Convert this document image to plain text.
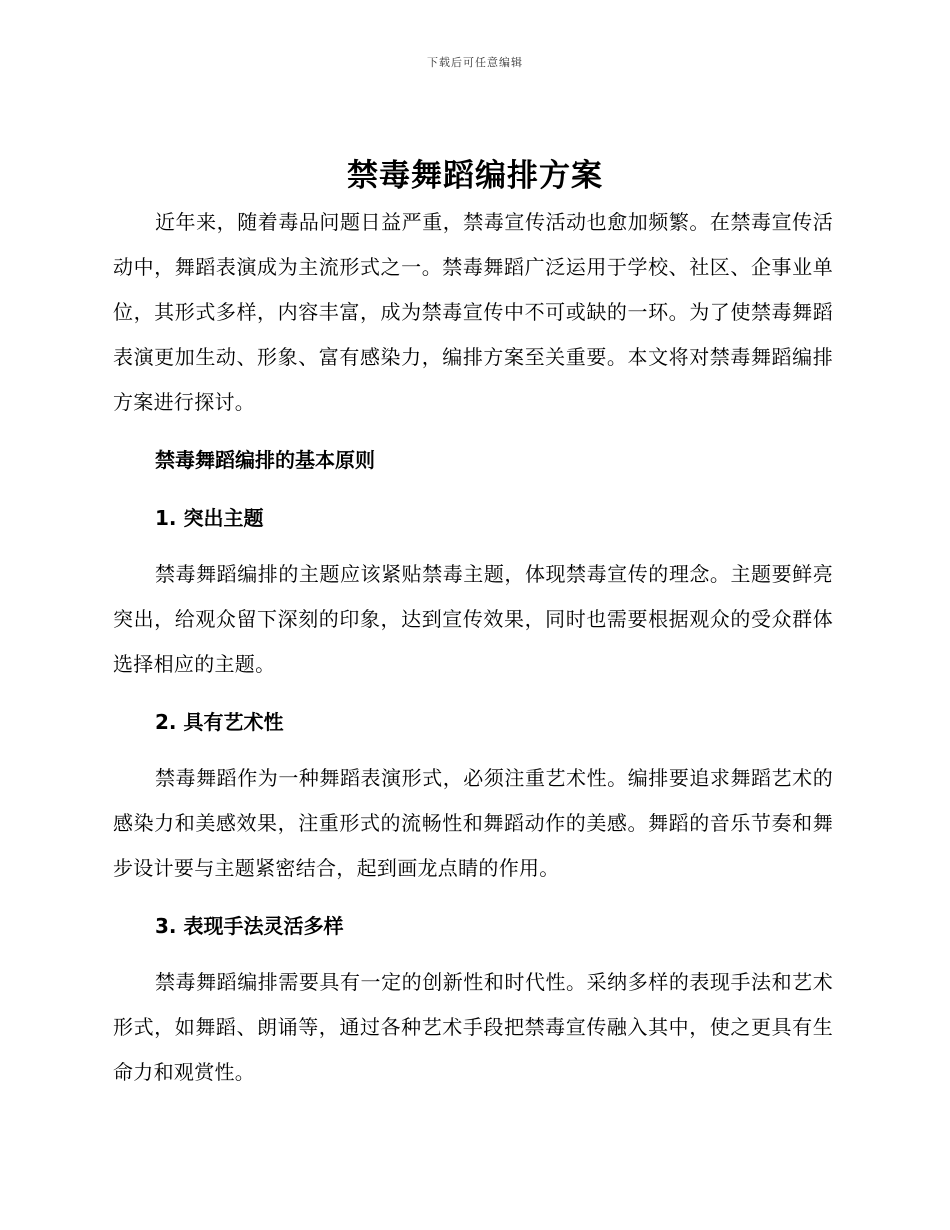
下载后可任意编辑
禁毒舞蹈编排方案

近年来，随着毒品问题日益严重，禁毒宣传活动也愈加频繁。在禁毒宣传活动中，舞蹈表演成为主流形式之一。禁毒舞蹈广泛运用于学校、社区、企事业单位，其形式多样，内容丰富，成为禁毒宣传中不可或缺的一环。为了使禁毒舞蹈表演更加生动、形象、富有感染力，编排方案至关重要。本文将对禁毒舞蹈编排方案进行探讨。

禁毒舞蹈编排的基本原则

1. 突出主题

禁毒舞蹈编排的主题应该紧贴禁毒主题，体现禁毒宣传的理念。主题要鲜亮突出，给观众留下深刻的印象，达到宣传效果，同时也需要根据观众的受众群体选择相应的主题。

2. 具有艺术性

禁毒舞蹈作为一种舞蹈表演形式，必须注重艺术性。编排要追求舞蹈艺术的感染力和美感效果，注重形式的流畅性和舞蹈动作的美感。舞蹈的音乐节奏和舞步设计要与主题紧密结合，起到画龙点睛的作用。

3. 表现手法灵活多样

禁毒舞蹈编排需要具有一定的创新性和时代性。采纳多样的表现手法和艺术形式，如舞蹈、朗诵等，通过各种艺术手段把禁毒宣传融入其中，使之更具有生命力和观赏性。
